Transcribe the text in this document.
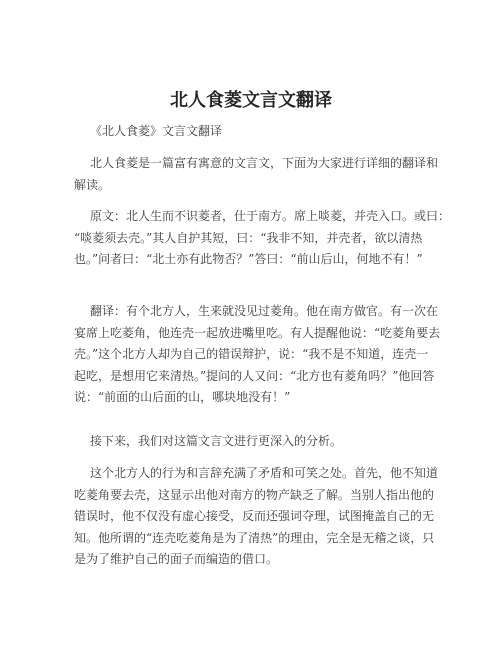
北人食菱文言文翻译

《北人食菱》文言文翻译

北人食菱是一篇富有寓意的文言文，下面为大家进行详细的翻译和
解读。

原文：北人生而不识菱者，仕于南方。席上啖菱，并壳入口。或曰：
“啖菱须去壳。”其人自护其短，曰：“我非不知，并壳者，欲以清热
也。”问者曰：“北土亦有此物否？”答曰：“前山后山，何地不有！”

翻译：有个北方人，生来就没见过菱角。他在南方做官。有一次在
宴席上吃菱角，他连壳一起放进嘴里吃。有人提醒他说：“吃菱角要去
壳。”这个北方人却为自己的错误辩护，说：“我不是不知道，连壳一
起吃，是想用它来清热。”提问的人又问：“北方也有菱角吗？”他回答
说：“前面的山后面的山，哪块地没有！”

接下来，我们对这篇文言文进行更深入的分析。

这个北方人的行为和言辞充满了矛盾和可笑之处。首先，他不知道
吃菱角要去壳，这显示出他对南方的物产缺乏了解。当别人指出他的
错误时，他不仅没有虚心接受，反而还强词夺理，试图掩盖自己的无
知。他所谓的“连壳吃菱角是为了清热”的理由，完全是无稽之谈，只
是为了维护自己的面子而编造的借口。
